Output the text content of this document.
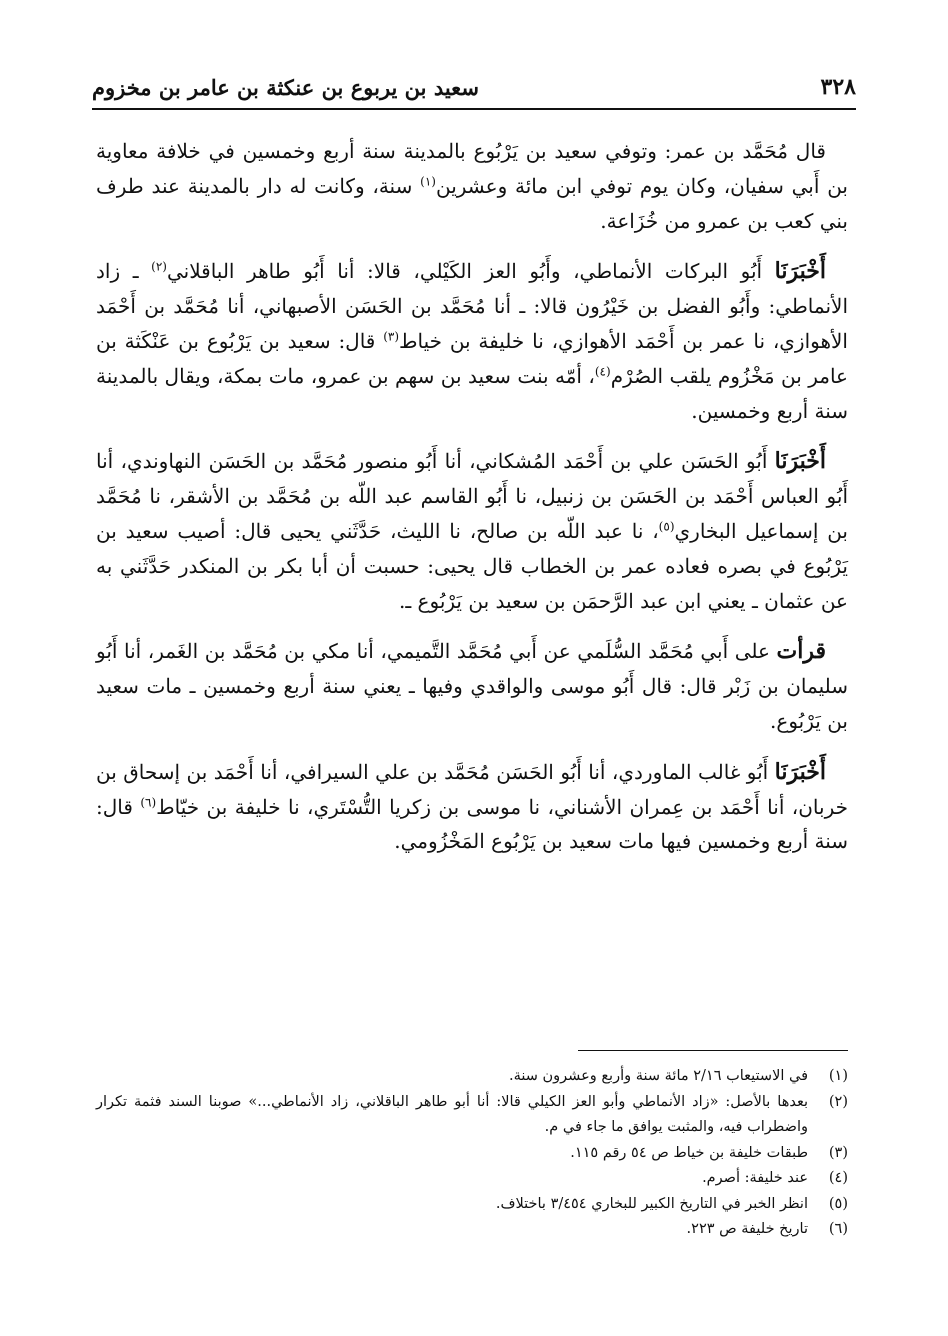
٣٢٨
سعيد بن يربوع بن عنكثة بن عامر بن مخزوم

قال مُحَمَّد بن عمر: وتوفي سعيد بن يَرْبُوع بالمدينة سنة أربع وخمسين في خلافة معاوية بن أَبي سفيان، وكان يوم توفي ابن مائة وعشرين$^{(١)}$ سنة، وكانت له دار بالمدينة عند طرف بني كعب بن عمرو من خُزَاعة.

أَخْبَرَنَا أَبُو البركات الأنماطي، وأَبُو العز الكَيْلي، قالا: أنا أَبُو طاهر الباقلاني$^{(٢)}$ ـ زاد الأنماطي: وأَبُو الفضل بن خَيْرُون قالا: ـ أنا مُحَمَّد بن الحَسَن الأصبهاني، أنا مُحَمَّد بن أَحْمَد الأهوازي، نا عمر بن أَحْمَد الأهوازي، نا خليفة بن خياط$^{(٣)}$ قال: سعيد بن يَرْبُوع بن عَنْكَثة بن عامر بن مَخْزُوم يلقب الصُرْم$^{(٤)}$، أمّه بنت سعيد بن سهم بن عمرو، مات بمكة، ويقال بالمدينة سنة أربع وخمسين.

أَخْبَرَنَا أَبُو الحَسَن علي بن أَحْمَد المُشكاني، أنا أَبُو منصور مُحَمَّد بن الحَسَن النهاوندي، أنا أَبُو العباس أَحْمَد بن الحَسَن بن زنبيل، نا أَبُو القاسم عبد اللّه بن مُحَمَّد بن الأشقر، نا مُحَمَّد بن إسماعيل البخاري$^{(٥)}$، نا عبد اللّه بن صالح، نا الليث، حَدَّثَني يحيى قال: أصيب سعيد بن يَرْبُوع في بصره فعاده عمر بن الخطاب قال يحيى: حسبت أن أبا بكر بن المنكدر حَدَّثَني به عن عثمان ـ يعني ابن عبد الرَّحمَن بن سعيد بن يَرْبُوع ـ.

قرأت على أَبي مُحَمَّد السُّلَمي عن أَبي مُحَمَّد التَّميمي، أنا مكي بن مُحَمَّد بن الغَمر، أنا أَبُو سليمان بن زَبْر قال: قال أَبُو موسى والواقدي وفيها ـ يعني سنة أربع وخمسين ـ مات سعيد بن يَرْبُوع.

أَخْبَرَنَا أَبُو غالب الماوردي، أنا أَبُو الحَسَن مُحَمَّد بن علي السيرافي، أنا أَحْمَد بن إسحاق بن خربان، أنا أَحْمَد بن عِمران الأشناني، نا موسى بن زكريا التُّسْتَري، نا خليفة بن خيّاط$^{(٦)}$ قال: سنة أربع وخمسين فيها مات سعيد بن يَرْبُوع المَخْزُومي.

(١)
في الاستيعاب ٢/١٦ مائة سنة وأربع وعشرون سنة.
(٢)
بعدها بالأصل: «زاد الأنماطي وأبو العز الكيلي قالا: أنا أبو طاهر الباقلاني، زاد الأنماطي...» صوبنا السند فثمة تكرار واضطراب فيه، والمثبت يوافق ما جاء في م.
(٣)
طبقات خليفة بن خياط ص ٥٤ رقم ١١٥.
(٤)
عند خليفة: أصرم.
(٥)
انظر الخبر في التاريخ الكبير للبخاري ٣/٤٥٤ باختلاف.
(٦)
تاريخ خليفة ص ٢٢٣.
